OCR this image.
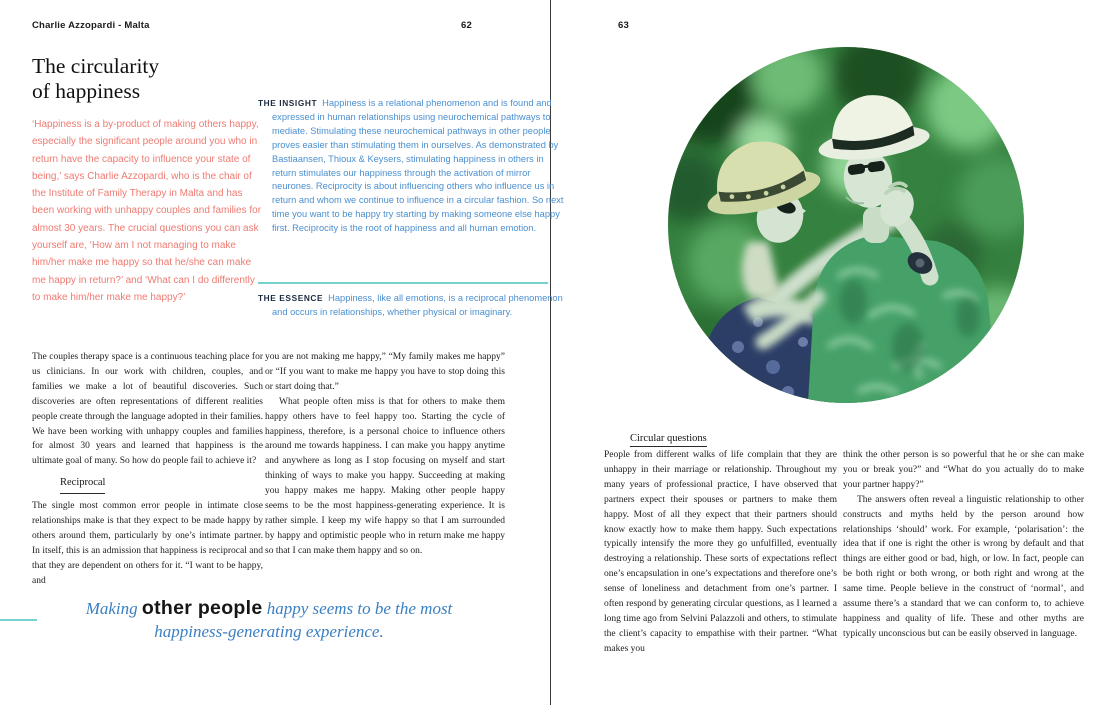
Charlie Azzopardi - Malta	62	63
The circularity
of happiness
‘Happiness is a by-product of making others happy, especially the significant people around you who in return have the capacity to influence your state of being,’ says Charlie Azzopardi, who is the chair of the Institute of Family Therapy in Malta and has been working with unhappy couples and families for almost 30 years. The crucial questions you can ask yourself are, ‘How am I not managing to make him/her make me happy so that he/she can make me happy in return?’ and ‘What can I do differently to make him/her make me happy?’
THE INSIGHT Happiness is a relational phenomenon and is found and expressed in human relationships using neurochemical pathways to mediate. Stimulating these neurochemical pathways in other people proves easier than stimulating them in ourselves. As demonstrated by Bastiaansen, Thioux & Keysers, stimulating happiness in others in return stimulates our happiness through the activation of mirror neurones. Reciprocity is about influencing others who influence us in return and whom we continue to influence in a circular fashion. So next time you want to be happy try starting by making someone else happy first. Reciprocity is the root of happiness and all human emotion.
THE ESSENCE Happiness, like all emotions, is a reciprocal phenomenon and occurs in relationships, whether physical or imaginary.

The couples therapy space is a continuous teaching place for us clinicians. In our work with children, couples, and families we make a lot of beautiful discoveries. Such discoveries are often representations of different realities people create through the language adopted in their families. We have been working with unhappy couples and families for almost 30 years and learned that happiness is the ultimate goal of many. So how do people fail to achieve it?

Reciprocal

The single most common error people in intimate close relationships make is that they expect to be made happy by others around them, particularly by one’s intimate partner. In itself, this is an admission that happiness is reciprocal and that they are dependent on others for it. “I want to be happy, and

you are not making me happy,” “My family makes me happy” or “If you want to make me happy you have to stop doing this or start doing that.”

What people often miss is that for others to make them happy others have to feel happy too. Starting the cycle of happiness, therefore, is a personal choice to influence others around me towards happiness. I can make you happy anytime and anywhere as long as I stop focusing on myself and start thinking of ways to make you happy. Succeeding at making you happy makes me happy. Making other people happy seems to be the most happiness-generating experience. It is rather simple. I keep my wife happy so that I am surrounded by happy and optimistic people who in return make me happy so that I can make them happy and so on.

Making other people happy seems to be the most happiness-generating experience.
Circular questions

People from different walks of life complain that they are unhappy in their marriage or relationship. Throughout my many years of professional practice, I have observed that partners expect their spouses or partners to make them happy. Most of all they expect that their partners should know exactly how to make them happy. Such expectations typically intensify the more they go unfulfilled, eventually destroying a relationship. These sorts of expectations reflect one’s encapsulation in one’s expectations and therefore one’s sense of loneliness and detachment from one’s partner. I often respond by generating circular questions, as I learned a long time ago from Selvini Palazzoli and others, to stimulate the client’s capacity to empathise with their partner. “What makes you

think the other person is so powerful that he or she can make you or break you?” and “What do you actually do to make your partner happy?”

The answers often reveal a linguistic relationship to other constructs and myths held by the person around how relationships ‘should’ work. For example, ‘polarisation’: the idea that if one is right the other is wrong by default and that things are either good or bad, high, or low. In fact, people can be both right or both wrong, or both right and wrong at the same time. People believe in the construct of ‘normal’, and assume there’s a standard that we can conform to, to achieve happiness and quality of life. These and other myths are typically unconscious but can be easily observed in language.
